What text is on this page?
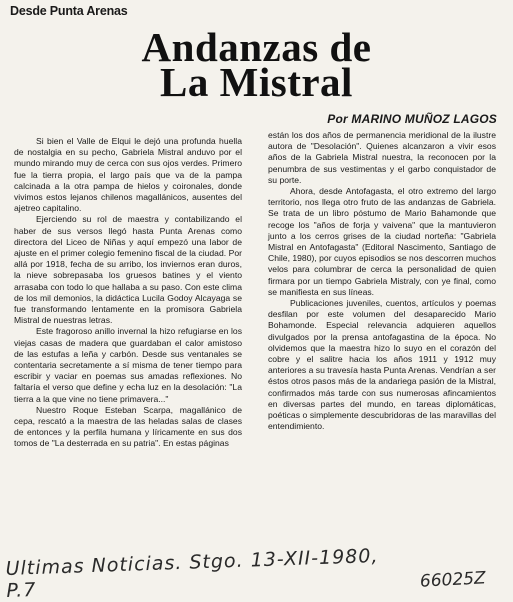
Desde Punta Arenas
Andanzas de
La Mistral
Por MARINO MUÑOZ LAGOS

Si bien el Valle de Elqui le dejó una profunda huella de nostalgia en su pecho, Gabriela Mistral anduvo por el mundo mirando muy de cerca con sus ojos verdes. Primero fue la tierra propia, el largo país que va de la pampa calcinada a la otra pampa de hielos y coironales, donde vivimos estos lejanos chilenos magallánicos, ausentes del ajetreo capitalino.

Ejerciendo su rol de maestra y contabilizando el haber de sus versos llegó hasta Punta Arenas como directora del Liceo de Niñas y aquí empezó una labor de ajuste en el primer colegio femenino fiscal de la ciudad. Por allá por 1918, fecha de su arribo, los inviernos eran duros, la nieve sobrepasaba los gruesos batines y el viento arrasaba con todo lo que hallaba a su paso. Con este clima de los mil demonios, la didáctica Lucila Godoy Alcayaga se fue transformando lentamente en la promisora Gabriela Mistral de nuestras letras.

Este fragoroso anillo invernal la hizo refugiarse en los viejas casas de madera que guardaban el calor amistoso de las estufas a leña y carbón. Desde sus ventanales se contentaria secretamente a sí misma de tener tiempo para escribir y vaciar en poemas sus amadas reflexiones. No faltaría el verso que define y echa luz en la desolación: "La tierra a la que vine no tiene primavera..."

Nuestro Roque Esteban Scarpa, magallánico de cepa, rescató a la maestra de las heladas salas de clases de entonces y la perfila humana y líricamente en sus dos tomos de "La desterrada en su patria". En estas páginas

están los dos años de permanencia meridional de la ilustre autora de "Desolación". Quienes alcanzaron a vivir esos años de la Gabriela Mistral nuestra, la reconocen por la penumbra de sus vestimentas y el garbo conquistador de su porte.

Ahora, desde Antofagasta, el otro extremo del largo territorio, nos llega otro fruto de las andanzas de Gabriela. Se trata de un libro póstumo de Mario Bahamonde que recoge los "años de forja y vaivena" que la mantuvieron junto a los cerros grises de la ciudad norteña: "Gabriela Mistral en Antofagasta" (Editoral Nascimento, Santiago de Chile, 1980), por cuyos episodios se nos descorren muchos velos para columbrar de cerca la personalidad de quien firmara por un tiempo Gabriela Mistraly, con ye final, como se manifiesta en sus líneas.

Publicaciones juveniles, cuentos, artículos y poemas desfilan por este volumen del desaparecido Mario Bohamonde. Especial relevancia adquieren aquellos divulgados por la prensa antofagastina de la época. No olvidemos que la maestra hizo lo suyo en el corazón del cobre y el salitre hacia los años 1911 y 1912 muy anteriores a su travesía hasta Punta Arenas. Vendrían a ser éstos otros pasos más de la andariega pasión de la Mistral, confirmados más tarde con sus numerosas afincamientos en diversas partes del mundo, en tareas diplomáticas, poéticas o simplemente descubridoras de las maravillas del entendimiento.

Ultimas Noticias. Stgo. 13-XII-1980, P.7	66025Z
